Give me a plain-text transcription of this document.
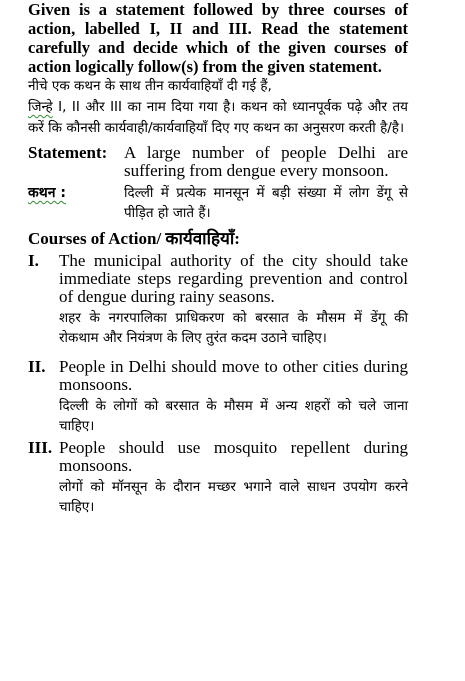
Given is a statement followed by three courses of action, labelled I, II and III. Read the statement carefully and decide which of the given courses of action logically follow(s) from the given statement.

नीचे एक कथन के साथ तीन कार्यवाहियाँ दी गई हैं,
जिन्हे I, II और III का नाम दिया गया है। कथन को ध्यानपूर्वक पढ़े और तय करें कि कौनसी कार्यवाही/कार्यवाहियाँ दिए गए कथन का अनुसरण करती है/है।

Statement: A large number of people Delhi are suffering from dengue every monsoon.
कथन :	दिल्ली में प्रत्येक मानसून में बड़ी संख्या में लोग डेंगू से पीड़ित हो जाते हैं।
Courses of Action/ कार्यवाहियाँ:
I.	The municipal authority of the city should take immediate steps regarding prevention and control of dengue during rainy seasons.
शहर के नगरपालिका प्राधिकरण को बरसात के मौसम में डेंगू की रोकथाम और नियंत्रण के लिए तुरंत कदम उठाने चाहिए।
II. People in Delhi should move to other cities during monsoons.
दिल्ली के लोगों को बरसात के मौसम में अन्य शहरों को चले जाना चाहिए।
III. People should use mosquito repellent during monsoons.
लोगों को मॉनसून के दौरान मच्छर भगाने वाले साधन उपयोग करने चाहिए।
